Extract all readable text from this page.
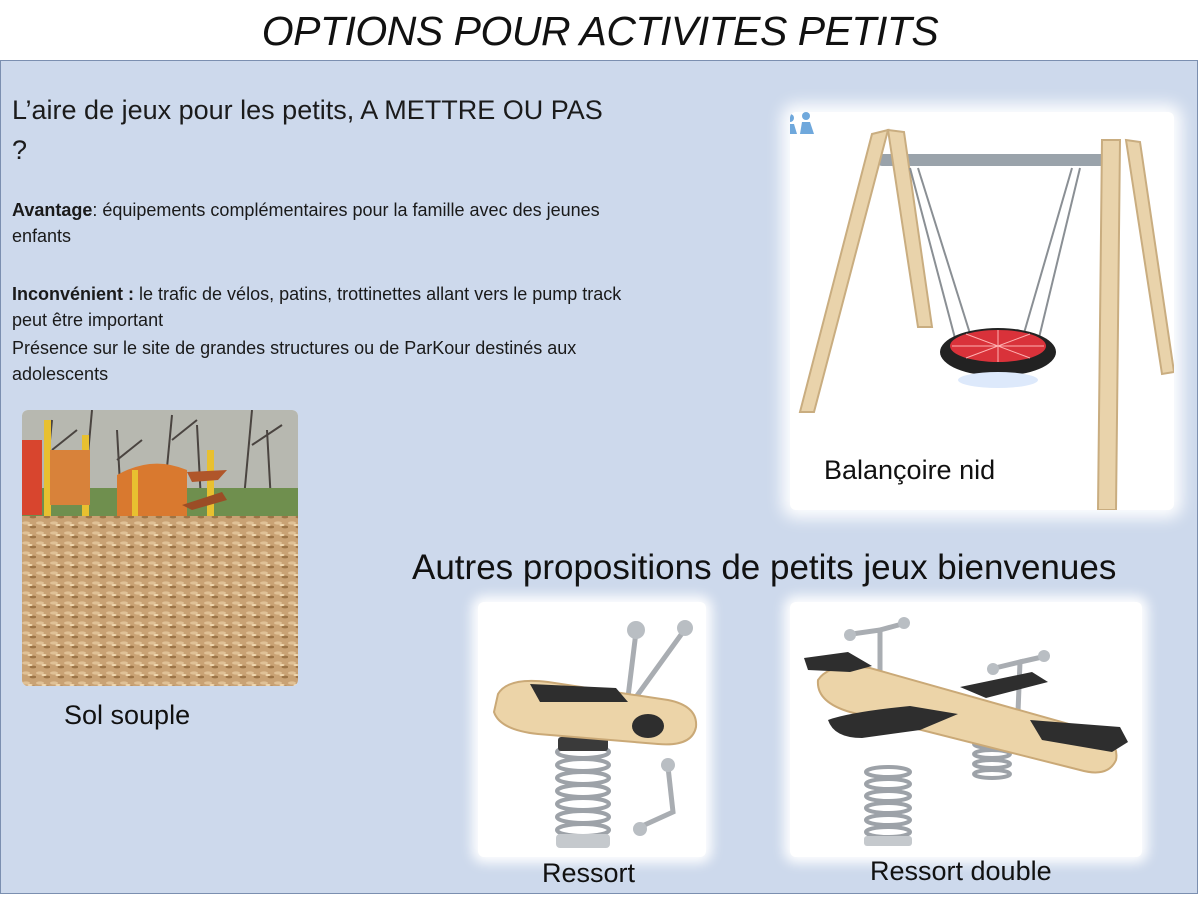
OPTIONS POUR ACTIVITES PETITS
L’aire de jeux pour les petits, A METTRE OU PAS ?
Avantage: équipements complémentaires pour la famille avec des jeunes enfants
Inconvénient : le trafic de vélos, patins, trottinettes allant vers le pump track peut être important
Présence sur le site de grandes structures ou de ParKour destinés aux adolescents
Sol souple
Balançoire nid
Autres propositions de petits jeux bienvenues
Ressort	Ressort double
